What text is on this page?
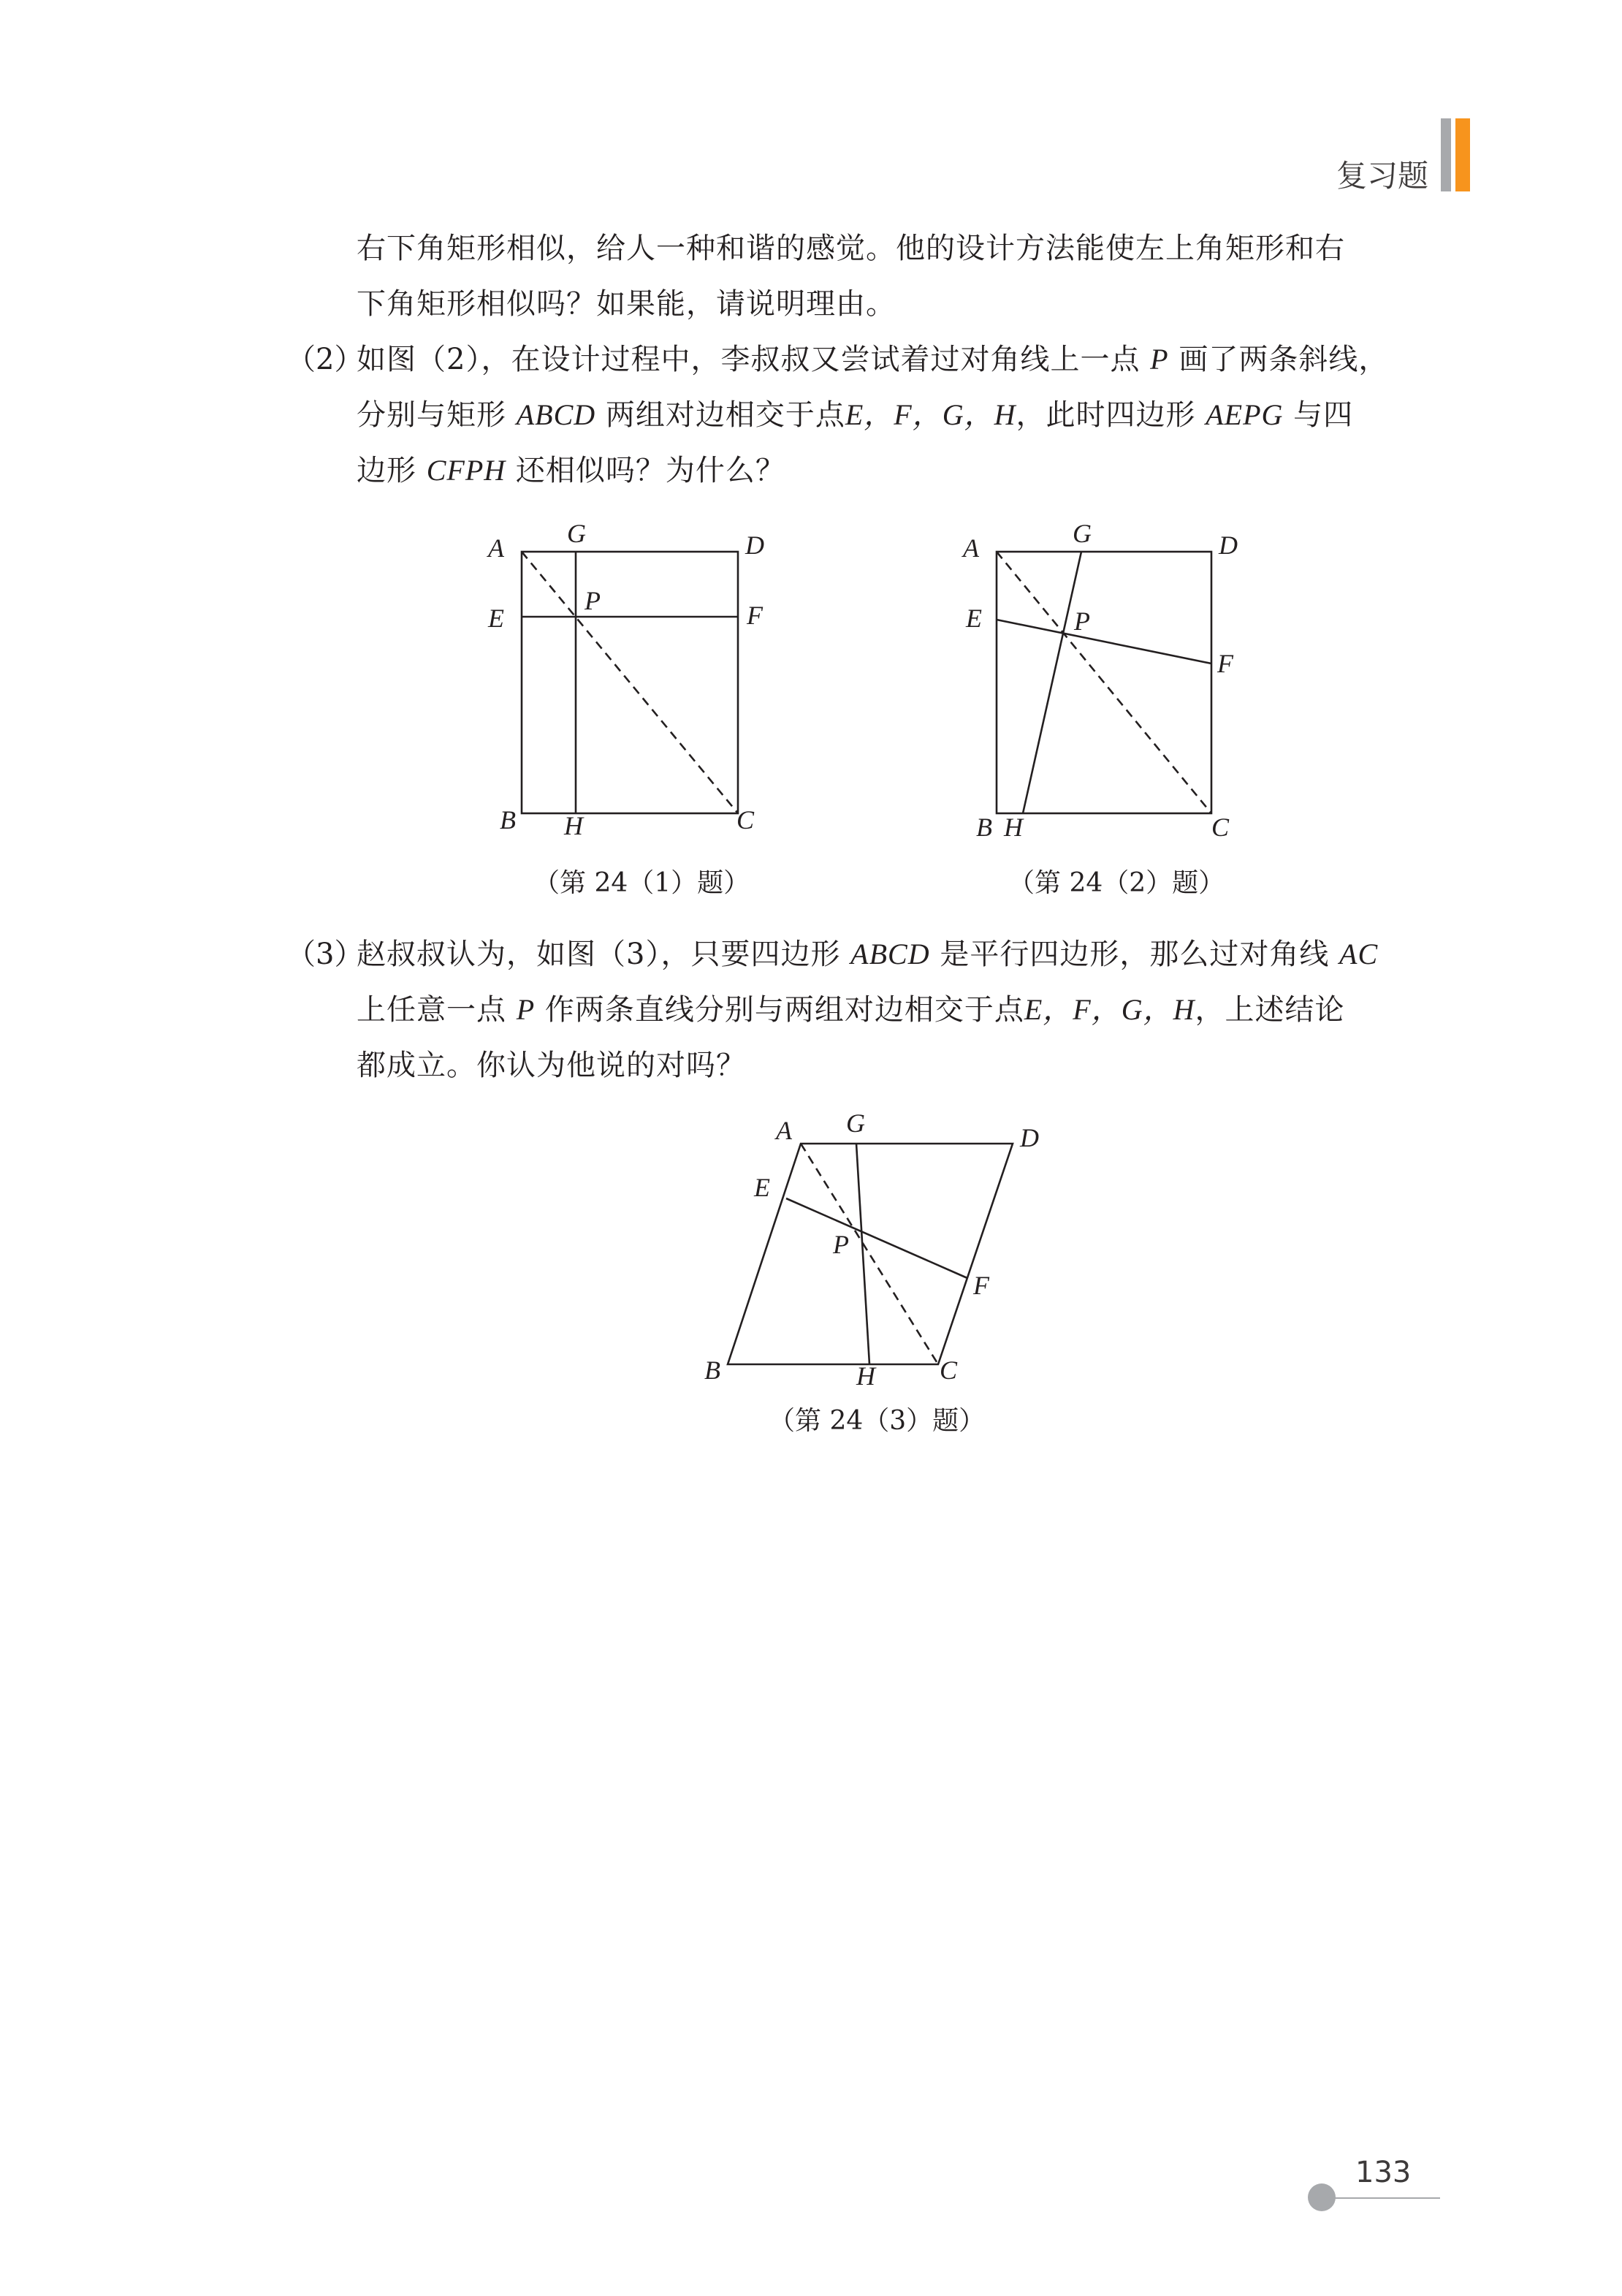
复习题
右下角矩形相似，给人一种和谐的感觉。他的设计方法能使左上角矩形和右
下角矩形相似吗？如果能，请说明理由。
（2）
如图（2），在设计过程中，李叔叔又尝试着过对角线上一点 P 画了两条斜线，
分别与矩形 ABCD 两组对边相交于点E，F，G，H，此时四边形 AEPG 与四
边形 CFPH 还相似吗？为什么？
A G	D
E
P	F
B H	C
（第 24（1）题）
A	G	D
E	P
F
B H	C
（第 24（2）题）
（3）
赵叔叔认为，如图（3），只要四边形 ABCD 是平行四边形，那么过对角线 AC
上任意一点 P 作两条直线分别与两组对边相交于点E，F，G，H，上述结论
都成立。你认为他说的对吗？
A G	D
E
P
F
B	H C
（第 24（3）题）
133
